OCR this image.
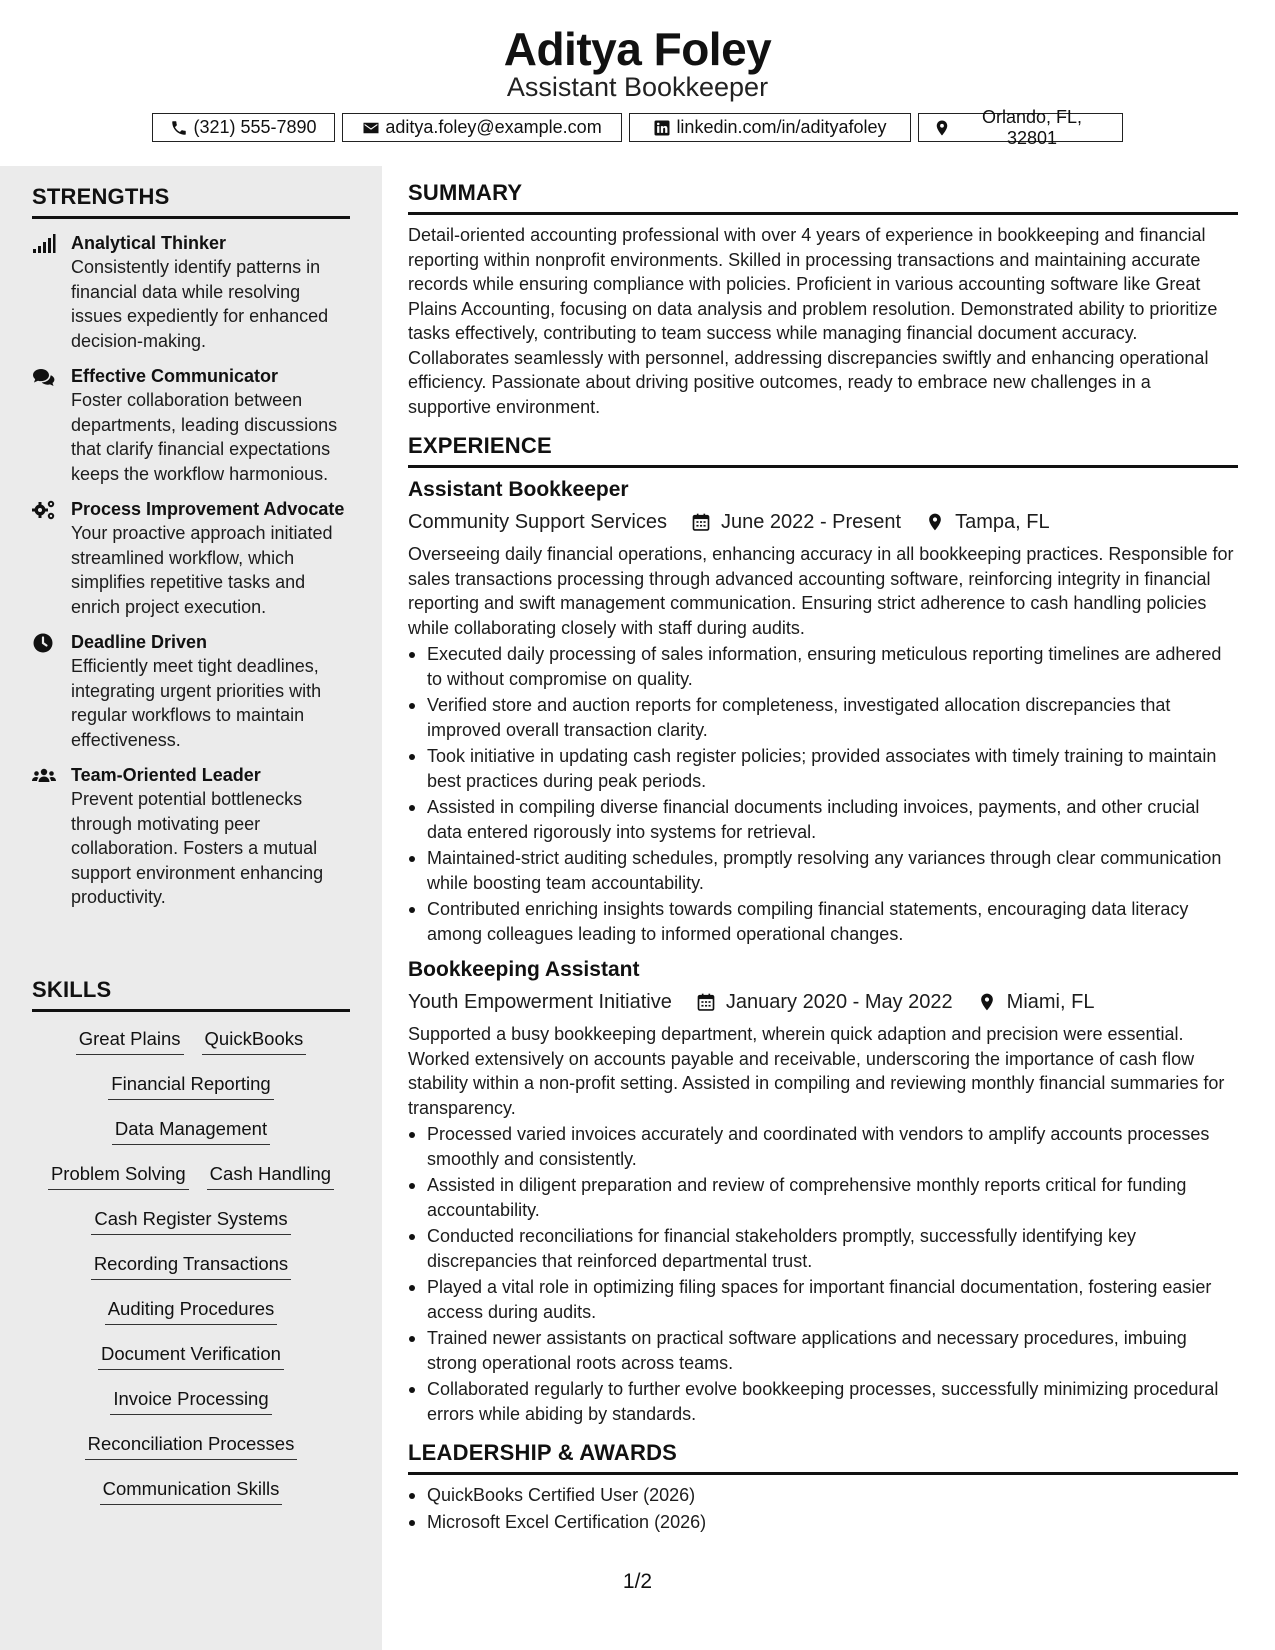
Aditya Foley
Assistant Bookkeeper
(321) 555-7890	aditya.foley@example.com	linkedin.com/in/adityafoley
Orlando, FL, 32801
STRENGTHS
Analytical Thinker
Consistently identify patterns in financial data while resolving issues expediently for enhanced decision-making.
Effective Communicator
Foster collaboration between departments, leading discussions that clarify financial expectations keeps the workflow harmonious.
Process Improvement Advocate
Your proactive approach initiated streamlined workflow, which simplifies repetitive tasks and enrich project execution.
Deadline Driven
Efficiently meet tight deadlines, integrating urgent priorities with regular workflows to maintain effectiveness.
Team-Oriented Leader
Prevent potential bottlenecks through motivating peer collaboration. Fosters a mutual support environment enhancing productivity.
SKILLS
Great Plains QuickBooks
Financial Reporting
Data Management
Problem Solving Cash Handling
Cash Register Systems
Recording Transactions
Auditing Procedures
Document Verification
Invoice Processing
Reconciliation Processes
Communication Skills
SUMMARY

Detail-oriented accounting professional with over 4 years of experience in bookkeeping and financial reporting within nonprofit environments. Skilled in processing transactions and maintaining accurate records while ensuring compliance with policies. Proficient in various accounting software like Great Plains Accounting, focusing on data analysis and problem resolution. Demonstrated ability to prioritize tasks effectively, contributing to team success while managing financial document accuracy. Collaborates seamlessly with personnel, addressing discrepancies swiftly and enhancing operational efficiency. Passionate about driving positive outcomes, ready to embrace new challenges in a supportive environment.

EXPERIENCE
Assistant Bookkeeper
Community Support Services	June 2022 - Present	Tampa, FL

Overseeing daily financial operations, enhancing accuracy in all bookkeeping practices. Responsible for sales transactions processing through advanced accounting software, reinforcing integrity in financial reporting and swift management communication. Ensuring strict adherence to cash handling policies while collaborating closely with staff during audits.

Executed daily processing of sales information, ensuring meticulous reporting timelines are adhered to without compromise on quality.
Verified store and auction reports for completeness, investigated allocation discrepancies that improved overall transaction clarity.
Took initiative in updating cash register policies; provided associates with timely training to maintain best practices during peak periods.
Assisted in compiling diverse financial documents including invoices, payments, and other crucial data entered rigorously into systems for retrieval.
Maintained-strict auditing schedules, promptly resolving any variances through clear communication while boosting team accountability.
Contributed enriching insights towards compiling financial statements, encouraging data literacy among colleagues leading to informed operational changes.
Bookkeeping Assistant
Youth Empowerment Initiative	January 2020 - May 2022	Miami, FL

Supported a busy bookkeeping department, wherein quick adaption and precision were essential. Worked extensively on accounts payable and receivable, underscoring the importance of cash flow stability within a non-profit setting. Assisted in compiling and reviewing monthly financial summaries for transparency.

Processed varied invoices accurately and coordinated with vendors to amplify accounts processes smoothly and consistently.
Assisted in diligent preparation and review of comprehensive monthly reports critical for funding accountability.
Conducted reconciliations for financial stakeholders promptly, successfully identifying key discrepancies that reinforced departmental trust.
Played a vital role in optimizing filing spaces for important financial documentation, fostering easier access during audits.
Trained newer assistants on practical software applications and necessary procedures, imbuing strong operational roots across teams.
Collaborated regularly to further evolve bookkeeping processes, successfully minimizing procedural errors while abiding by standards.
LEADERSHIP & AWARDS
QuickBooks Certified User (2026)
Microsoft Excel Certification (2026)
1/2
